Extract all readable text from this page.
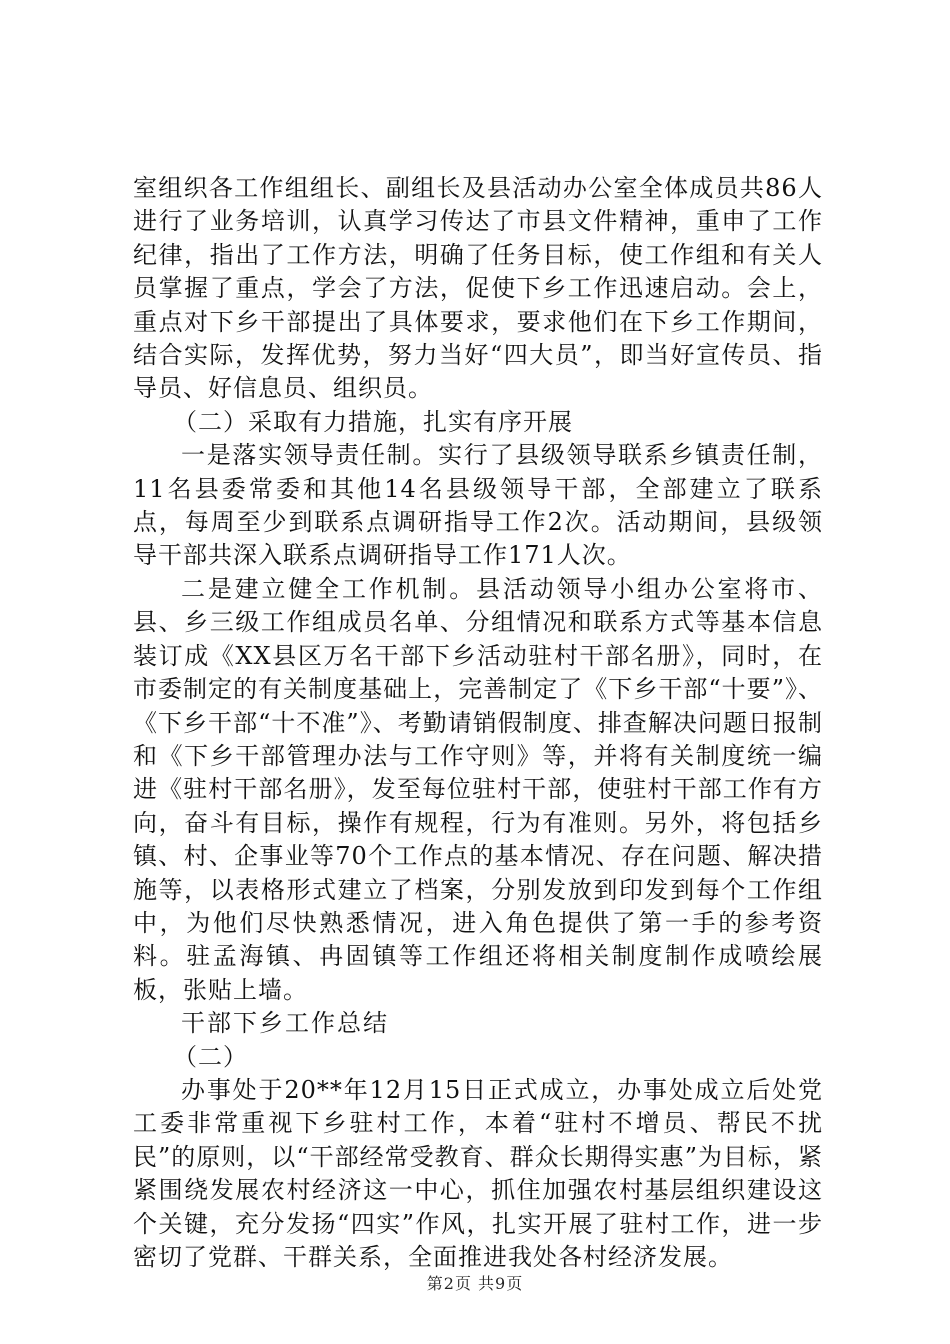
室组织各工作组组长、副组长及县活动办公室全体成员共86人进行了业务培训，认真学习传达了市县文件精神，重申了工作纪律，指出了工作方法，明确了任务目标，使工作组和有关人员掌握了重点，学会了方法，促使下乡工作迅速启动。会上，重点对下乡干部提出了具体要求，要求他们在下乡工作期间，结合实际，发挥优势，努力当好“四大员”，即当好宣传员、指导员、好信息员、组织员。

（二）采取有力措施，扎实有序开展

一是落实领导责任制。实行了县级领导联系乡镇责任制，11名县委常委和其他14名县级领导干部，全部建立了联系点，每周至少到联系点调研指导工作2次。活动期间，县级领导干部共深入联系点调研指导工作171人次。

二是建立健全工作机制。县活动领导小组办公室将市、县、乡三级工作组成员名单、分组情况和联系方式等基本信息装订成《XX县区万名干部下乡活动驻村干部名册》，同时，在市委制定的有关制度基础上，完善制定了《下乡干部“十要”》、《下乡干部“十不准”》、考勤请销假制度、排查解决问题日报制和《下乡干部管理办法与工作守则》等，并将有关制度统一编进《驻村干部名册》，发至每位驻村干部，使驻村干部工作有方向，奋斗有目标，操作有规程，行为有准则。另外，将包括乡镇、村、企事业等70个工作点的基本情况、存在问题、解决措施等，以表格形式建立了档案，分别发放到印发到每个工作组中，为他们尽快熟悉情况，进入角色提供了第一手的参考资料。驻孟海镇、冉固镇等工作组还将相关制度制作成喷绘展板，张贴上墙。

干部下乡工作总结

（二）

办事处于20**年12月15日正式成立，办事处成立后处党工委非常重视下乡驻村工作，本着“驻村不增员、帮民不扰民”的原则，以“干部经常受教育、群众长期得实惠”为目标，紧紧围绕发展农村经济这一中心，抓住加强农村基层组织建设这个关键，充分发扬“四实”作风，扎实开展了驻村工作，进一步密切了党群、干群关系，全面推进我处各村经济发展。

第2页 共9页
